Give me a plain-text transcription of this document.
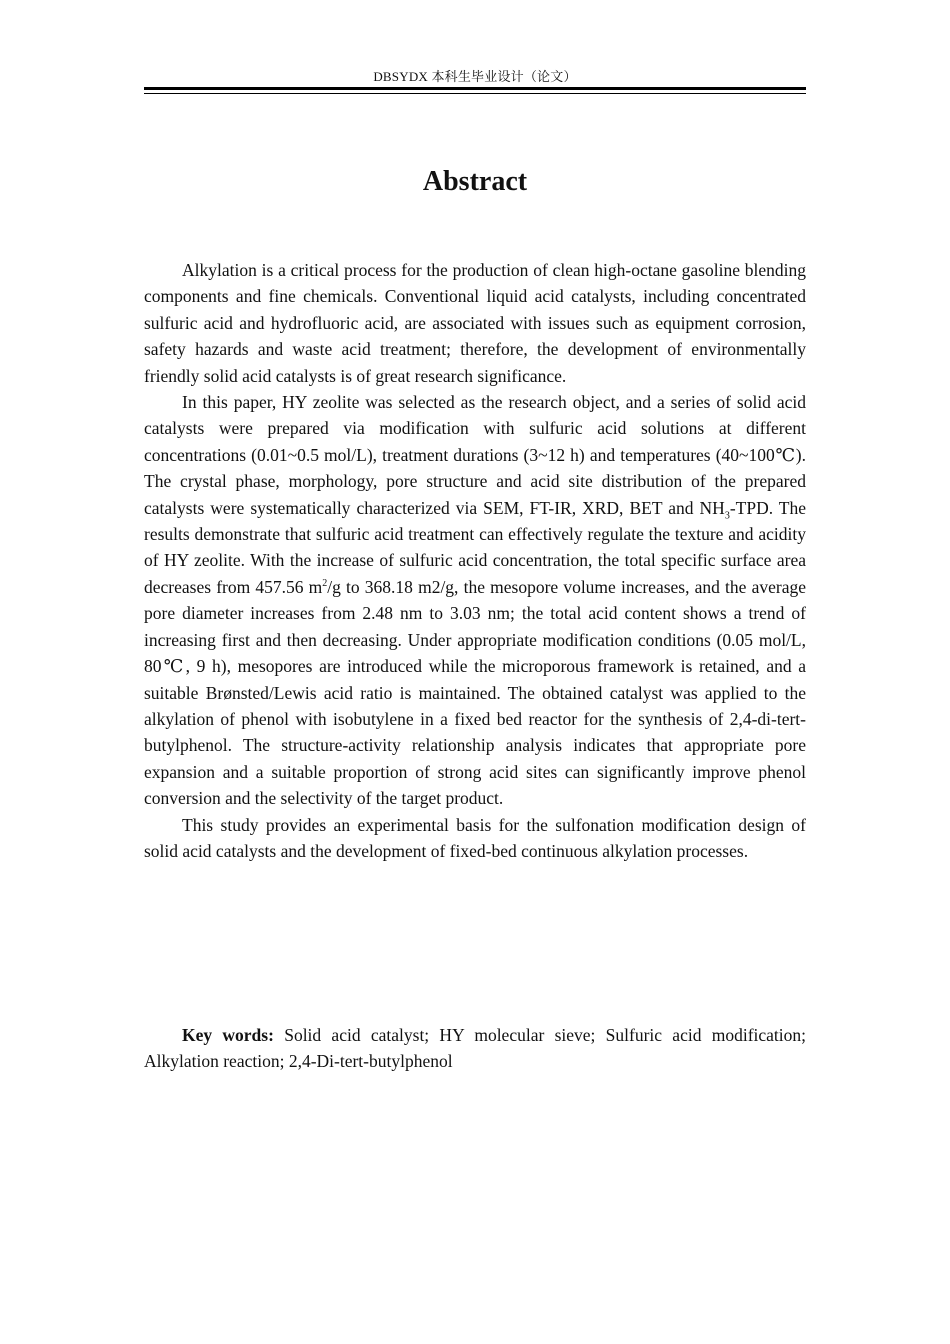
DBSYDX 本科生毕业设计（论文）
Abstract

Alkylation is a critical process for the production of clean high-octane gasoline blending components and fine chemicals. Conventional liquid acid catalysts, including concentrated sulfuric acid and hydrofluoric acid, are associated with issues such as equipment corrosion, safety hazards and waste acid treatment; therefore, the development of environmentally friendly solid acid catalysts is of great research significance.

In this paper, HY zeolite was selected as the research object, and a series of solid acid catalysts were prepared via modification with sulfuric acid solutions at different concentrations (0.01~0.5 mol/L), treatment durations (3~12 h) and temperatures (40~100℃). The crystal phase, morphology, pore structure and acid site distribution of the prepared catalysts were systematically characterized via SEM, FT-IR, XRD, BET and $NH_3$-TPD. The results demonstrate that sulfuric acid treatment can effectively regulate the texture and acidity of HY zeolite. With the increase of sulfuric acid concentration, the total specific surface area decreases from 457.56 $m^2/g$ to 368.18 m2/g, the mesopore volume increases, and the average pore diameter increases from 2.48 nm to 3.03 nm; the total acid content shows a trend of increasing first and then decreasing. Under appropriate modification conditions (0.05 mol/L, 80℃, 9 h), mesopores are introduced while the microporous framework is retained, and a suitable Brønsted/Lewis acid ratio is maintained. The obtained catalyst was applied to the alkylation of phenol with isobutylene in a fixed bed reactor for the synthesis of 2,4-di-tert-butylphenol. The structure-activity relationship analysis indicates that appropriate pore expansion and a suitable proportion of strong acid sites can significantly improve phenol conversion and the selectivity of the target product.

This study provides an experimental basis for the sulfonation modification design of solid acid catalysts and the development of fixed-bed continuous alkylation processes.

Key words: Solid acid catalyst; HY molecular sieve; Sulfuric acid modification; Alkylation reaction; 2,4-Di-tert-butylphenol
